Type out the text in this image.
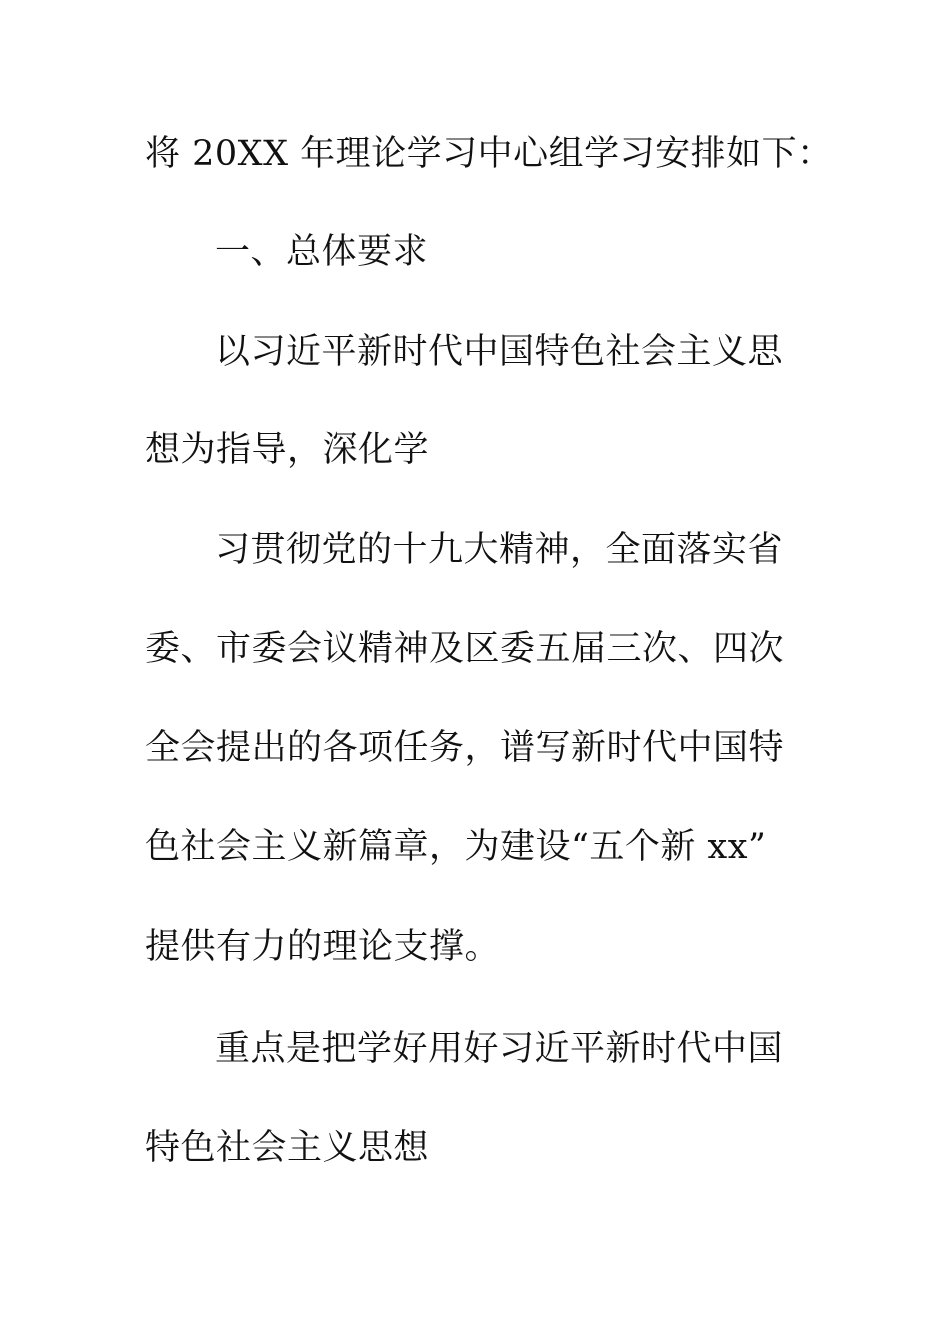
将 20XX 年理论学习中心组学习安排如下：
一、总体要求
以习近平新时代中国特色社会主义思
想为指导，深化学
习贯彻党的十九大精神，全面落实省
委、市委会议精神及区委五届三次、四次
全会提出的各项任务，谱写新时代中国特
色社会主义新篇章，为建设“五个新 xx”
提供有力的理论支撑。
重点是把学好用好习近平新时代中国
特色社会主义思想
